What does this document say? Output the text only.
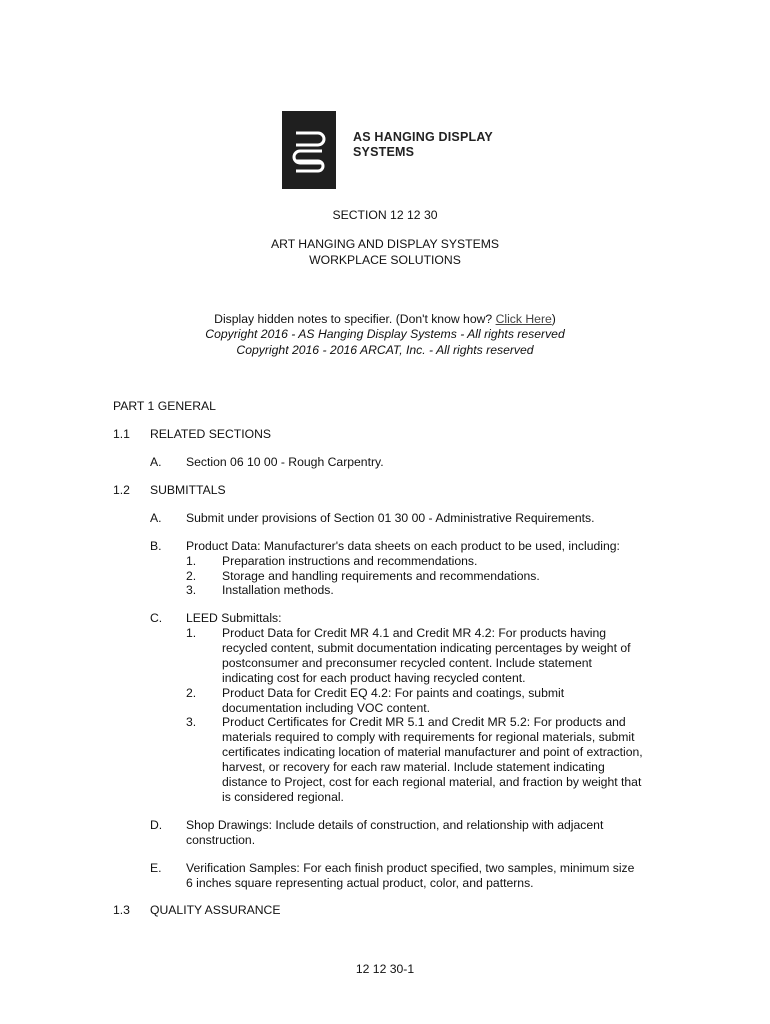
AS HANGING DISPLAY
SYSTEMS
SECTION 12 12 30
ART HANGING AND DISPLAY SYSTEMS
WORKPLACE SOLUTIONS
Display hidden notes to specifier. (Don't know how? Click Here)
Copyright 2016 - AS Hanging Display Systems - All rights reserved
Copyright 2016 - 2016 ARCAT, Inc. - All rights reserved
PART 1 GENERAL
1.1 RELATED SECTIONS
A. Section 06 10 00 - Rough Carpentry.
1.2 SUBMITTALS
A. Submit under provisions of Section 01 30 00 - Administrative Requirements.
B. Product Data: Manufacturer's data sheets on each product to be used, including:
1. Preparation instructions and recommendations.
2. Storage and handling requirements and recommendations.
3. Installation methods.
C. LEED Submittals:
1. Product Data for Credit MR 4.1 and Credit MR 4.2: For products having
recycled content, submit documentation indicating percentages by weight of
postconsumer and preconsumer recycled content. Include statement
indicating cost for each product having recycled content.
2. Product Data for Credit EQ 4.2: For paints and coatings, submit
documentation including VOC content.
3. Product Certificates for Credit MR 5.1 and Credit MR 5.2: For products and
materials required to comply with requirements for regional materials, submit
certificates indicating location of material manufacturer and point of extraction,
harvest, or recovery for each raw material. Include statement indicating
distance to Project, cost for each regional material, and fraction by weight that
is considered regional.
D. Shop Drawings: Include details of construction, and relationship with adjacent
construction.
E. Verification Samples: For each finish product specified, two samples, minimum size
6 inches square representing actual product, color, and patterns.
1.3 QUALITY ASSURANCE
12 12 30-1
